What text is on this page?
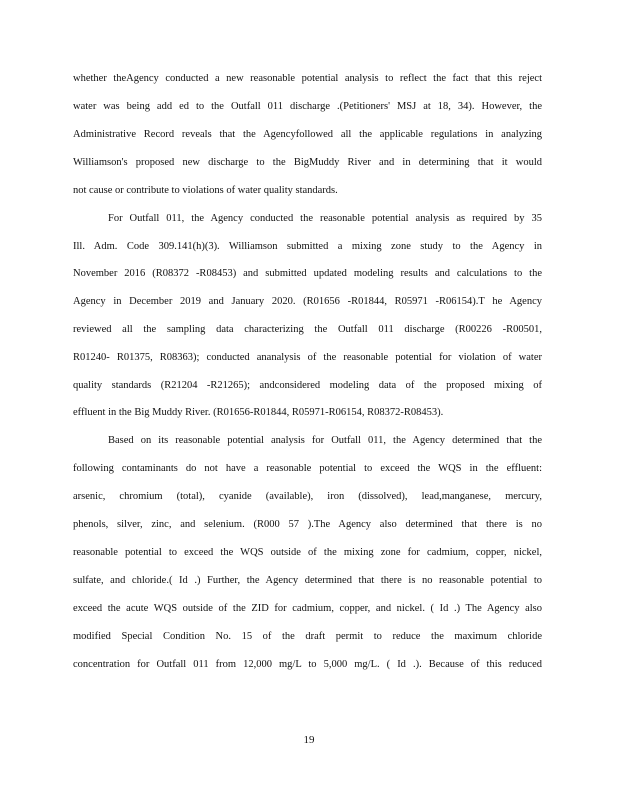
whether theAgency conducted a new reasonable potential analysis to reflect the fact that this reject
water was being add ed to the Outfall 011 discharge .(Petitioners' MSJ at 18, 34). However, the
Administrative Record reveals that the Agencyfollowed all the applicable regulations in analyzing
Williamson's proposed new discharge to the BigMuddy River and in determining that it would
not cause or contribute to violations of water quality standards.
For Outfall 011, the Agency conducted the reasonable potential analysis as required by 35
Ill. Adm. Code 309.141(h)(3). Williamson submitted a mixing zone study to the Agency in
November 2016 (R08372 -R08453) and submitted updated modeling results and calculations to the
Agency in December 2019 and January 2020. (R01656 -R01844, R05971 -R06154).T he Agency
reviewed all the sampling data characterizing the Outfall 011 discharge (R00226 -R00501,
R01240- R01375, R08363); conducted ananalysis of the reasonable potential for violation of water
quality standards (R21204 -R21265); andconsidered modeling data of the proposed mixing of
effluent in the Big Muddy River. (R01656-R01844, R05971-R06154, R08372-R08453).
Based on its reasonable potential analysis for Outfall 011, the Agency determined that the
following contaminants do not have a reasonable potential to exceed the WQS in the effluent:
arsenic, chromium (total), cyanide (available), iron (dissolved), lead,manganese, mercury,
phenols, silver, zinc, and selenium. (R000 57 ).The Agency also determined that there is no
reasonable potential to exceed the WQS outside of the mixing zone for cadmium, copper, nickel,
sulfate, and chloride.( Id .) Further, the Agency determined that there is no reasonable potential to
exceed the acute WQS outside of the ZID for cadmium, copper, and nickel. ( Id .) The Agency also
modified Special Condition No. 15 of the draft permit to reduce the maximum chloride
concentration for Outfall 011 from 12,000 mg/L to 5,000 mg/L. ( Id .). Because of this reduced
19
